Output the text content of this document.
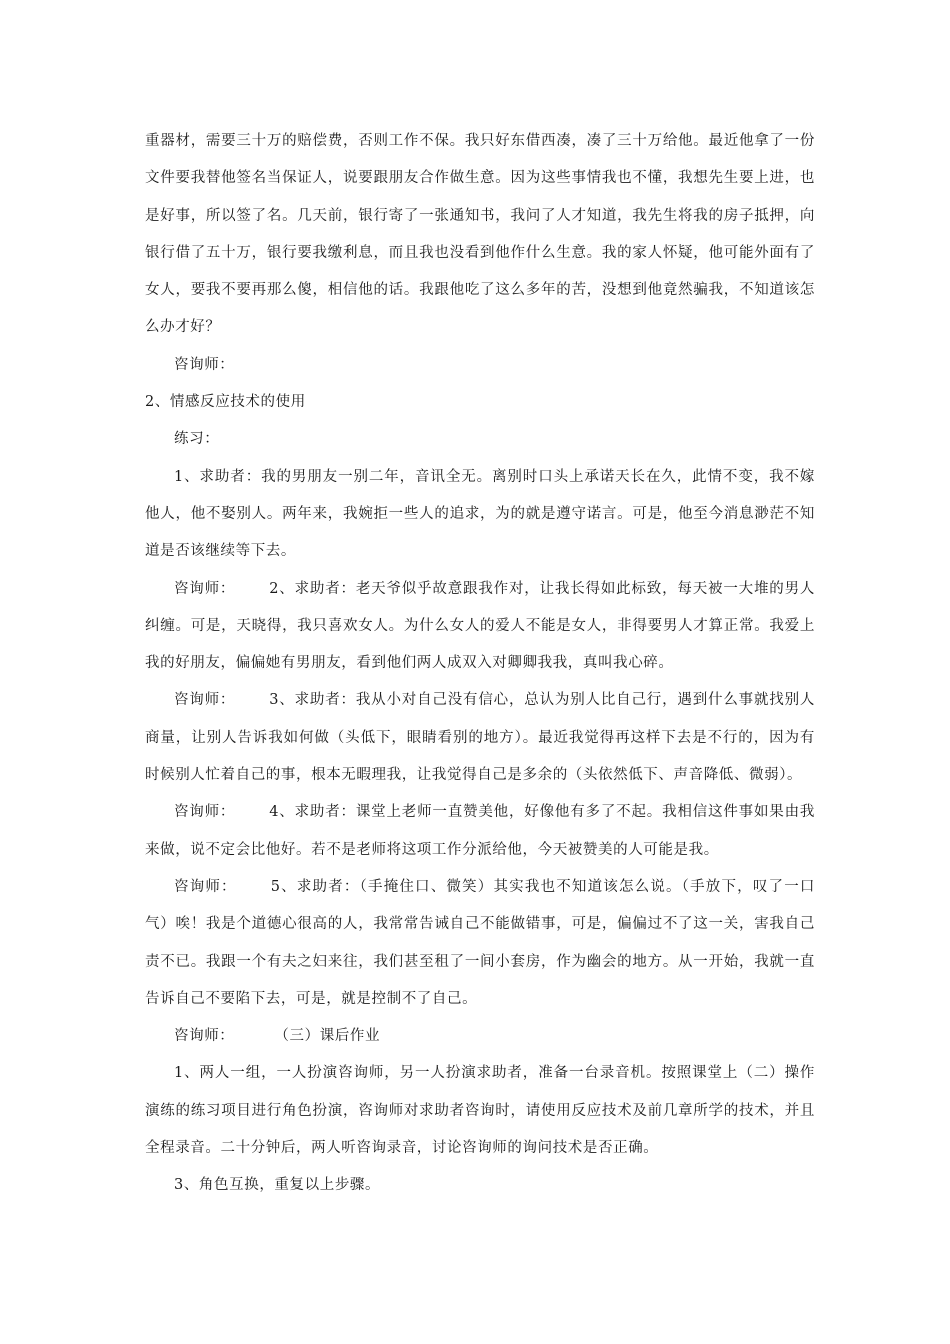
重器材，需要三十万的赔偿费，否则工作不保。我只好东借西凑，凑了三十万给他。最近他拿了一份文件要我替他签名当保证人，说要跟朋友合作做生意。因为这些事情我也不懂，我想先生要上进，也是好事，所以签了名。几天前，银行寄了一张通知书，我问了人才知道，我先生将我的房子抵押，向银行借了五十万，银行要我缴利息，而且我也没看到他作什么生意。我的家人怀疑，他可能外面有了女人，要我不要再那么傻，相信他的话。我跟他吃了这么多年的苦，没想到他竟然骗我，不知道该怎么办才好？

咨询师：

2、情感反应技术的使用

练习：

1、求助者：我的男朋友一别二年，音讯全无。离别时口头上承诺天长在久，此情不变，我不嫁他人，他不娶别人。两年来，我婉拒一些人的追求，为的就是遵守诺言。可是，他至今消息渺茫不知道是否该继续等下去。

咨询师： 2、求助者：老天爷似乎故意跟我作对，让我长得如此标致，每天被一大堆的男人纠缠。可是，天晓得，我只喜欢女人。为什么女人的爱人不能是女人，非得要男人才算正常。我爱上我的好朋友，偏偏她有男朋友，看到他们两人成双入对卿卿我我，真叫我心碎。

咨询师： 3、求助者：我从小对自己没有信心，总认为别人比自己行，遇到什么事就找别人商量，让别人告诉我如何做（头低下，眼睛看别的地方）。最近我觉得再这样下去是不行的，因为有时候别人忙着自己的事，根本无暇理我，让我觉得自己是多余的（头依然低下、声音降低、微弱）。

咨询师： 4、求助者：课堂上老师一直赞美他，好像他有多了不起。我相信这件事如果由我来做，说不定会比他好。若不是老师将这项工作分派给他，今天被赞美的人可能是我。

咨询师： 5、求助者：（手掩住口、微笑）其实我也不知道该怎么说。（手放下，叹了一口气）唉！我是个道德心很高的人，我常常告诫自己不能做错事，可是，偏偏过不了这一关，害我自己责不已。我跟一个有夫之妇来往，我们甚至租了一间小套房，作为幽会的地方。从一开始，我就一直告诉自己不要陷下去，可是，就是控制不了自己。

咨询师：	（三）课后作业

1、两人一组，一人扮演咨询师，另一人扮演求助者，准备一台录音机。按照课堂上（二）操作演练的练习项目进行角色扮演，咨询师对求助者咨询时，请使用反应技术及前几章所学的技术，并且全程录音。二十分钟后，两人听咨询录音，讨论咨询师的询问技术是否正确。

3、角色互换，重复以上步骤。
